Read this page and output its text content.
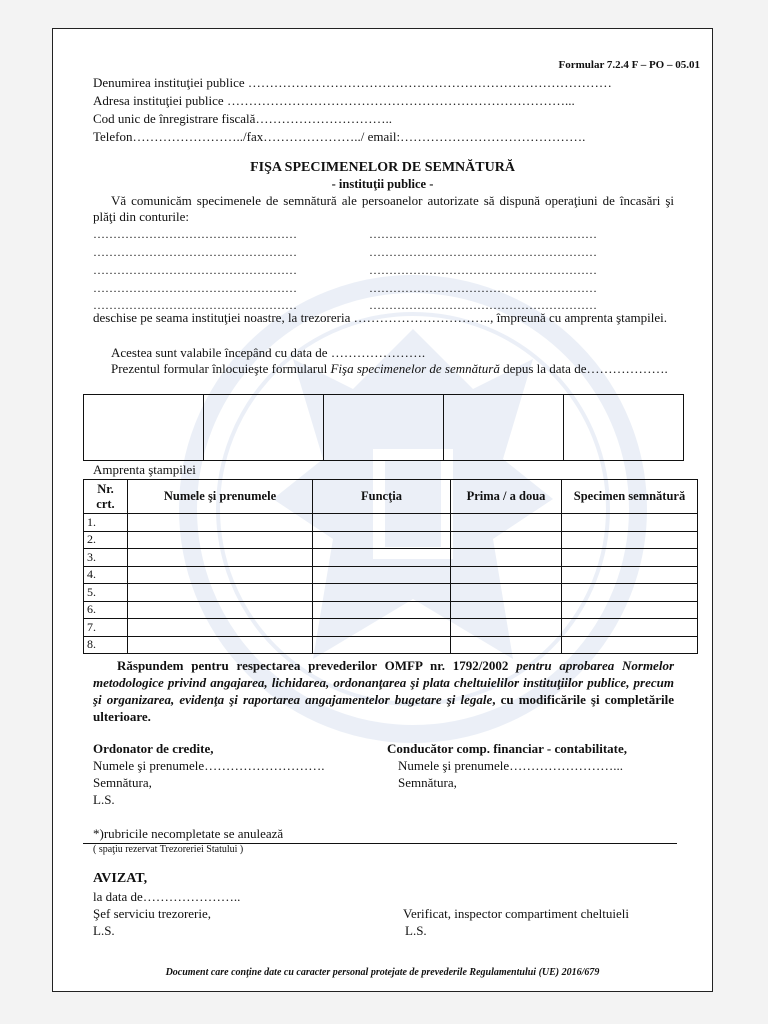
Formular 7.2.4 F – PO – 05.01
Denumirea instituţiei publice …………………………………………………………………………
Adresa instituţiei publice ……………………………………………………………………...
Cod unic de înregistrare fiscală…………………………..
Telefon……………………../fax…………………../ email:…………………………………….
FIŞA SPECIMENELOR DE SEMNĂTURĂ
- instituţii publice -
Vă comunicăm specimenele de semnătură ale persoanelor autorizate să dispună operaţiuni de încasări şi plăţi din conturile:
……………………………………………	…………………………………………………
……………………………………………	…………………………………………………
……………………………………………	…………………………………………………
……………………………………………	…………………………………………………
……………………………………………	…………………………………………………
deschise pe seama instituţiei noastre, la trezoreria ………………………….., împreună cu amprenta ştampilei.
Acestea sunt valabile începând cu data de ………………….
Prezentul formular înlocuieşte formularul Fişa specimenelor de semnătură depus la data de……………….
Amprenta ştampilei
Nr. crt.	Numele şi prenumele	Funcţia	Prima / a doua	Specimen semnătură
1.				
2.				
3.				
4.				
5.				
6.				
7.				
8.				
Răspundem pentru respectarea prevederilor OMFP nr. 1792/2002 pentru aprobarea Normelor metodologice privind angajarea, lichidarea, ordonanţarea şi plata cheltuielilor instituţiilor publice, precum şi organizarea, evidenţa şi raportarea angajamentelor bugetare şi legale, cu modificările şi completările ulterioare.
Ordonator de credite,
Numele şi prenumele……………………….
Semnătura,
L.S.
Conducător comp. financiar - contabilitate,
Numele şi prenumele……………………...
Semnătura,
*)rubricile necompletate se anulează
( spaţiu rezervat Trezoreriei Statului )
AVIZAT,
la data de…………………..
Şef serviciu trezorerie,
L.S.
Verificat, inspector compartiment cheltuieli
L.S.
Document care conţine date cu caracter personal protejate de prevederile Regulamentului (UE) 2016/679
